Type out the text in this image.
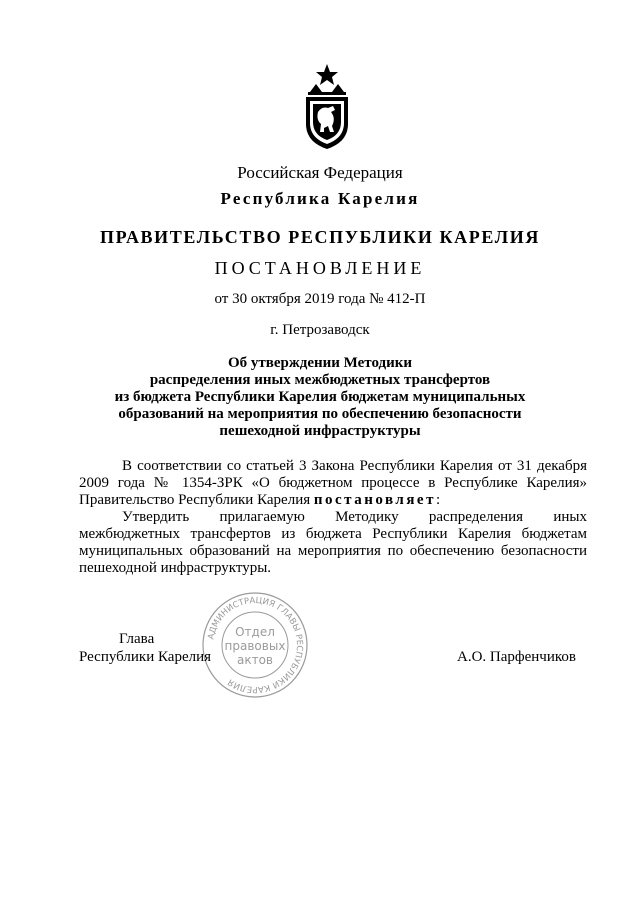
Российская Федерация
Республика Карелия
ПРАВИТЕЛЬСТВО РЕСПУБЛИКИ КАРЕЛИЯ
ПОСТАНОВЛЕНИЕ
от 30 октября 2019 года № 412-П
г. Петрозаводск
Об утверждении Методики
распределения иных межбюджетных трансфертов
из бюджета Республики Карелия бюджетам муниципальных
образований на мероприятия по обеспечению безопасности
пешеходной инфраструктуры
В соответствии со статьей 3 Закона Республики Карелия от 31 декабря
2009 года № 1354-ЗРК «О бюджетном процессе в Республике Карелия»
Правительство Республики Карелия постановляет:
Утвердить прилагаемую Методику распределения иных
межбюджетных трансфертов из бюджета Республики Карелия бюджетам
муниципальных образований на мероприятия по обеспечению безопасности
пешеходной инфраструктуры.
АДМИНИСТРАЦИЯ ГЛАВЫ РЕСПУБЛИКИ КАРЕЛИЯ
Отдел
правовых
актов
Глава
Республики Карелия	А.О. Парфенчиков
